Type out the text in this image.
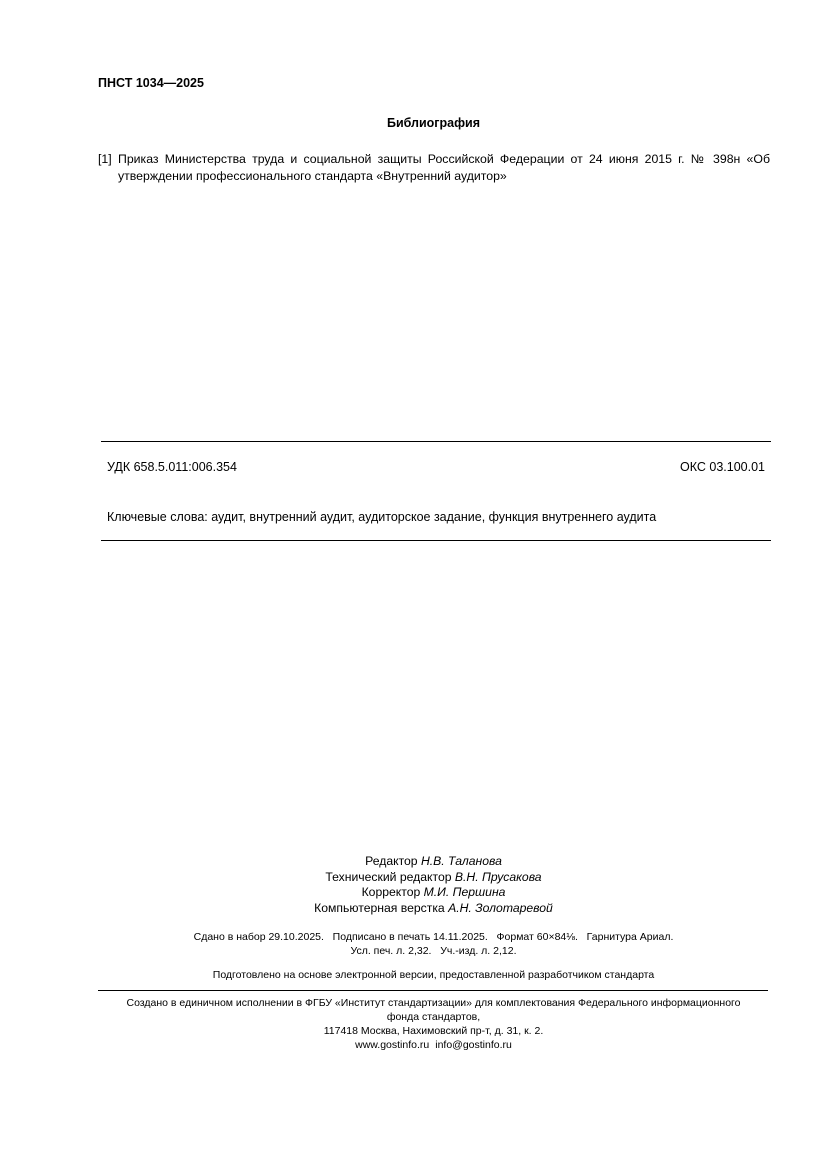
ПНСТ 1034—2025
Библиография
[1] Приказ Министерства труда и социальной защиты Российской Федерации от 24 июня 2015 г. № 398н «Об утверждении профессионального стандарта «Внутренний аудитор»
УДК 658.5.011:006.354	ОКС 03.100.01
Ключевые слова: аудит, внутренний аудит, аудиторское задание, функция внутреннего аудита
Редактор Н.В. Таланова
Технический редактор В.Н. Прусакова
Корректор М.И. Першина
Компьютерная верстка А.Н. Золотаревой
Сдано в набор 29.10.2025.   Подписано в печать 14.11.2025.   Формат 60×84⅛.   Гарнитура Ариал.
Усл. печ. л. 2,32.   Уч.-изд. л. 2,12.
Подготовлено на основе электронной версии, предоставленной разработчиком стандарта
Создано в единичном исполнении в ФГБУ «Институт стандартизации» для комплектования Федерального информационного
фонда стандартов,
117418 Москва, Нахимовский пр-т, д. 31, к. 2.
www.gostinfo.ru info@gostinfo.ru
